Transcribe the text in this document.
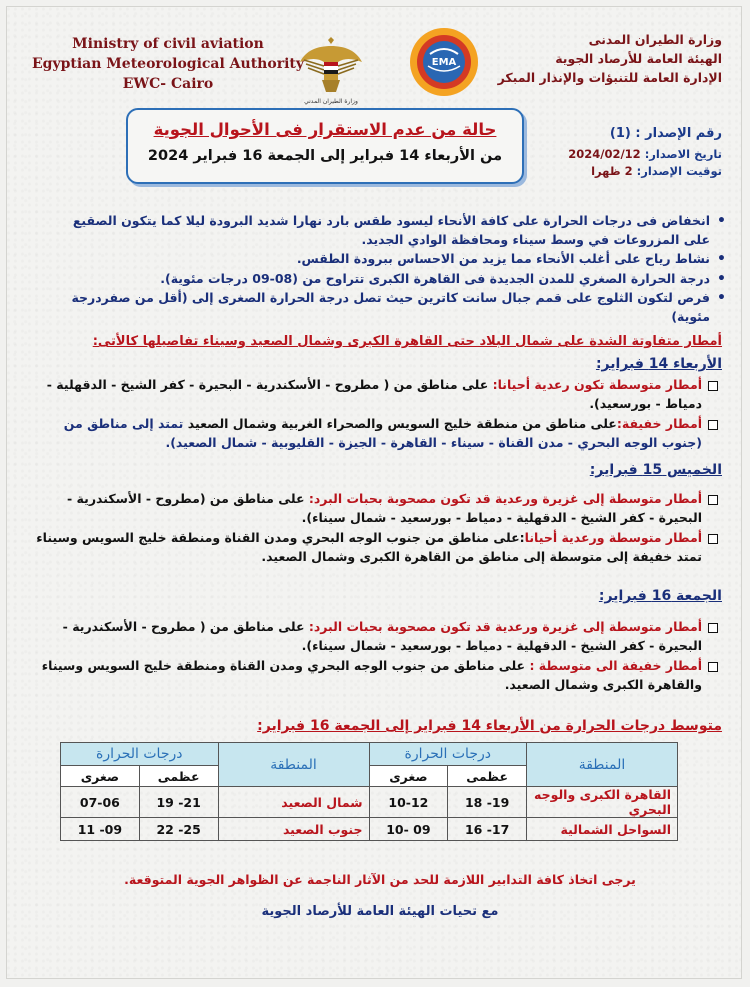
Ministry of civil aviation
Egyptian Meteorological Authority
EWC- Cairo
وزارة الطيران المدني
EMA
وزارة الطيران المدنى
الهيئة العامة للأرصاد الجوية
الإدارة العامة للتنبؤات والإنذار المبكر
حالة من عدم الاستقرار فى الأحوال الجوية
من الأربعاء 14 فبراير إلى الجمعة 16 فبراير 2024
رقم الإصدار : (1)
تاريخ الاصدار: 2024/02/12
توقيت الإصدار: 2 ظهرا
• انخفاض فى درجات الحرارة على كافة الأنحاء ليسود طقس بارد نهارا شديد البرودة ليلا كما يتكون الصقيع على المزروعات في وسط سيناء ومحافظة الوادي الجديد.
• نشاط رياح على أغلب الأنحاء مما يزيد من الاحساس ببرودة الطقس.
• درجة الحرارة الصغري للمدن الجديدة فى القاهرة الكبرى تتراوح من (08-09 درجات مئوية).
• فرص لتكون الثلوج على قمم جبال سانت كاترين حيث تصل درجة الحرارة الصغرى إلى (أقل من صفردرجة مئوية)
أمطار متفاوتة الشدة على شمال البلاد حتى القاهرة الكبرى وشمال الصعيد وسيناء تفاصيلها كالأتى:
الأربعاء 14 فبراير:
أمطار متوسطة تكون رعدية أحيانا: على مناطق من ( مطروح - الأسكندرية - البحيرة - كفر الشيخ - الدقهلية - دمياط - بورسعيد).
أمطار خفيفة:على مناطق من منطقة خليج السويس والصحراء الغربية وشمال الصعيد تمتد إلى مناطق من (جنوب الوجه البحري - مدن القناة - سيناء - القاهرة - الجيزة - القليوبية - شمال الصعيد).
الخميس 15 فبراير:
أمطار متوسطة إلى غزيرة ورعدية قد تكون مصحوبة بحبات البرد: على مناطق من (مطروح - الأسكندرية - البحيرة - كفر الشيخ - الدقهلية - دمياط - بورسعيد - شمال سيناء).
أمطار متوسطة ورعدية أحيانا:على مناطق من جنوب الوجه البحري ومدن القناة ومنطقة خليج السويس وسيناء تمتد خفيفة إلى متوسطة إلى مناطق من القاهرة الكبرى وشمال الصعيد.
الجمعة 16 فبراير:
أمطار متوسطة إلى غزيرة ورعدية قد تكون مصحوبة بحبات البرد: على مناطق من ( مطروح - الأسكندرية - البحيرة - كفر الشيخ - الدقهلية - دمياط - بورسعيد - شمال سيناء).
أمطار خفيفة الى متوسطة : على مناطق من جنوب الوجه البحري ومدن القناة ومنطقة خليج السويس وسيناء والقاهرة الكبرى وشمال الصعيد.
متوسط درجات الحرارة من الأربعاء 14 فبراير إلى الجمعة 16 فبراير:
المنطقة	درجات الحرارة		المنطقة	درجات الحرارة	
	عظمى	صغرى		عظمى	صغرى
القاهرة الكبرى والوجه البحري	19- 18	10-12	شمال الصعيد	21- 19	07-06
السواحل الشمالية	17- 16	09 -10	جنوب الصعيد	25- 22	09- 11
يرجى اتخاذ كافة التدابير اللازمة للحد من الآثار الناجمة عن الظواهر الجوية المتوقعة.
مع تحيات الهيئة العامة للأرصاد الجوية
